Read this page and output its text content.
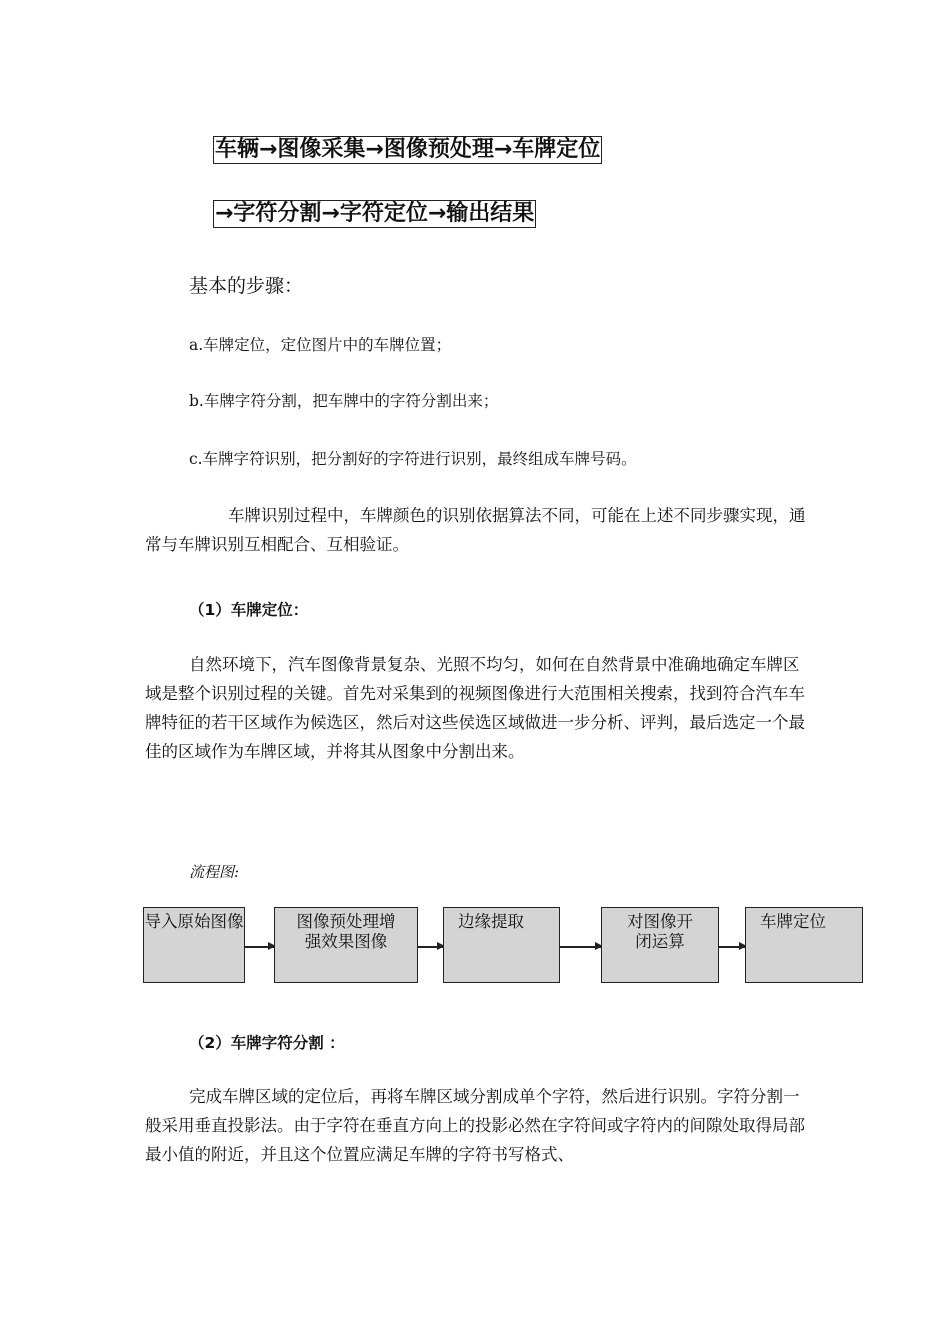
车辆→图像采集→图像预处理→车牌定位
→字符分割→字符定位→输出结果
基本的步骤：
a.车牌定位，定位图片中的车牌位置；
b.车牌字符分割，把车牌中的字符分割出来；
c.车牌字符识别，把分割好的字符进行识别，最终组成车牌号码。
车牌识别过程中，车牌颜色的识别依据算法不同，可能在上述不同步骤实现，通常与车牌识别互相配合、互相验证。
（1）车牌定位：
自然环境下，汽车图像背景复杂、光照不均匀，如何在自然背景中准确地确定车牌区域是整个识别过程的关键。首先对采集到的视频图像进行大范围相关搜索，找到符合汽车车牌特征的若干区域作为候选区，然后对这些侯选区域做进一步分析、评判，最后选定一个最佳的区域作为车牌区域，并将其从图象中分割出来。
流程图:
导入原始图像	图像预处理增强效果图像
边缘提取	对图像开闭运算
车牌定位
（2）车牌字符分割 ：
完成车牌区域的定位后，再将车牌区域分割成单个字符，然后进行识别。字符分割一般采用垂直投影法。由于字符在垂直方向上的投影必然在字符间或字符内的间隙处取得局部最小值的附近，并且这个位置应满足车牌的字符书写格式、
